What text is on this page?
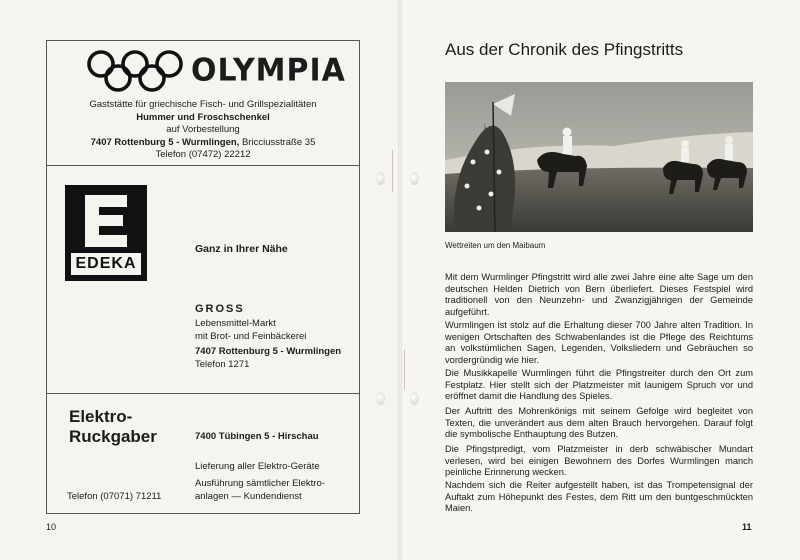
OLYMPIA
Gaststätte für griechische Fisch- und Grillspezialitäten
Hummer und Froschschenkel
auf Vorbestellung
7407 Rottenburg 5 - Wurmlingen, Bricciusstraße 35
Telefon (07472) 22212
EDEKA
Ganz in Ihrer Nähe
GROSS
Lebensmittel-Markt
mit Brot- und Feinbäckerei
7407 Rottenburg 5 - Wurmlingen
Telefon 1271
Elektro-
Ruckgaber	7400 Tübingen 5 - Hirschau
Lieferung aller Elektro-Geräte
Ausführung sämtlicher Elektro-
anlagen — Kundendienst
Telefon (07071) 71211
10
Aus der Chronik des Pfingstritts
Wettreiten um den Maibaum
Mit dem Wurmlinger Pfingstritt wird alle zwei Jahre eine alte Sage um den deutschen Helden Dietrich von Bern überliefert. Dieses Festspiel wird traditionell von den Neunzehn- und Zwanzigjährigen der Gemeinde aufgeführt.
Wurmlingen ist stolz auf die Erhaltung dieser 700 Jahre alten Tradition. In wenigen Ortschaften des Schwabenlandes ist die Pflege des Reichtums an volkstümlichen Sagen, Legenden, Volksliedern und Gebräuchen so vordergründig wie hier.
Die Musikkapelle Wurmlingen führt die Pfingstreiter durch den Ort zum Festplatz. Hier stellt sich der Platzmeister mit launigem Spruch vor und eröffnet damit die Handlung des Spieles.
Der Auftritt des Mohrenkönigs mit seinem Gefolge wird begleitet von Texten, die unverändert aus dem alten Brauch hervorgehen. Darauf folgt die symbolische Enthauptung des Butzen.
Die Pfingstpredigt, vom Platzmeister in derb schwäbischer Mundart verlesen, wird bei einigen Bewohnern des Dorfes Wurmlingen manch peinliche Erinnerung wecken.
Nachdem sich die Reiter aufgestellt haben, ist das Trompetensignal der Auftakt zum Höhepunkt des Festes, dem Ritt um den buntgeschmückten Maien.
11
